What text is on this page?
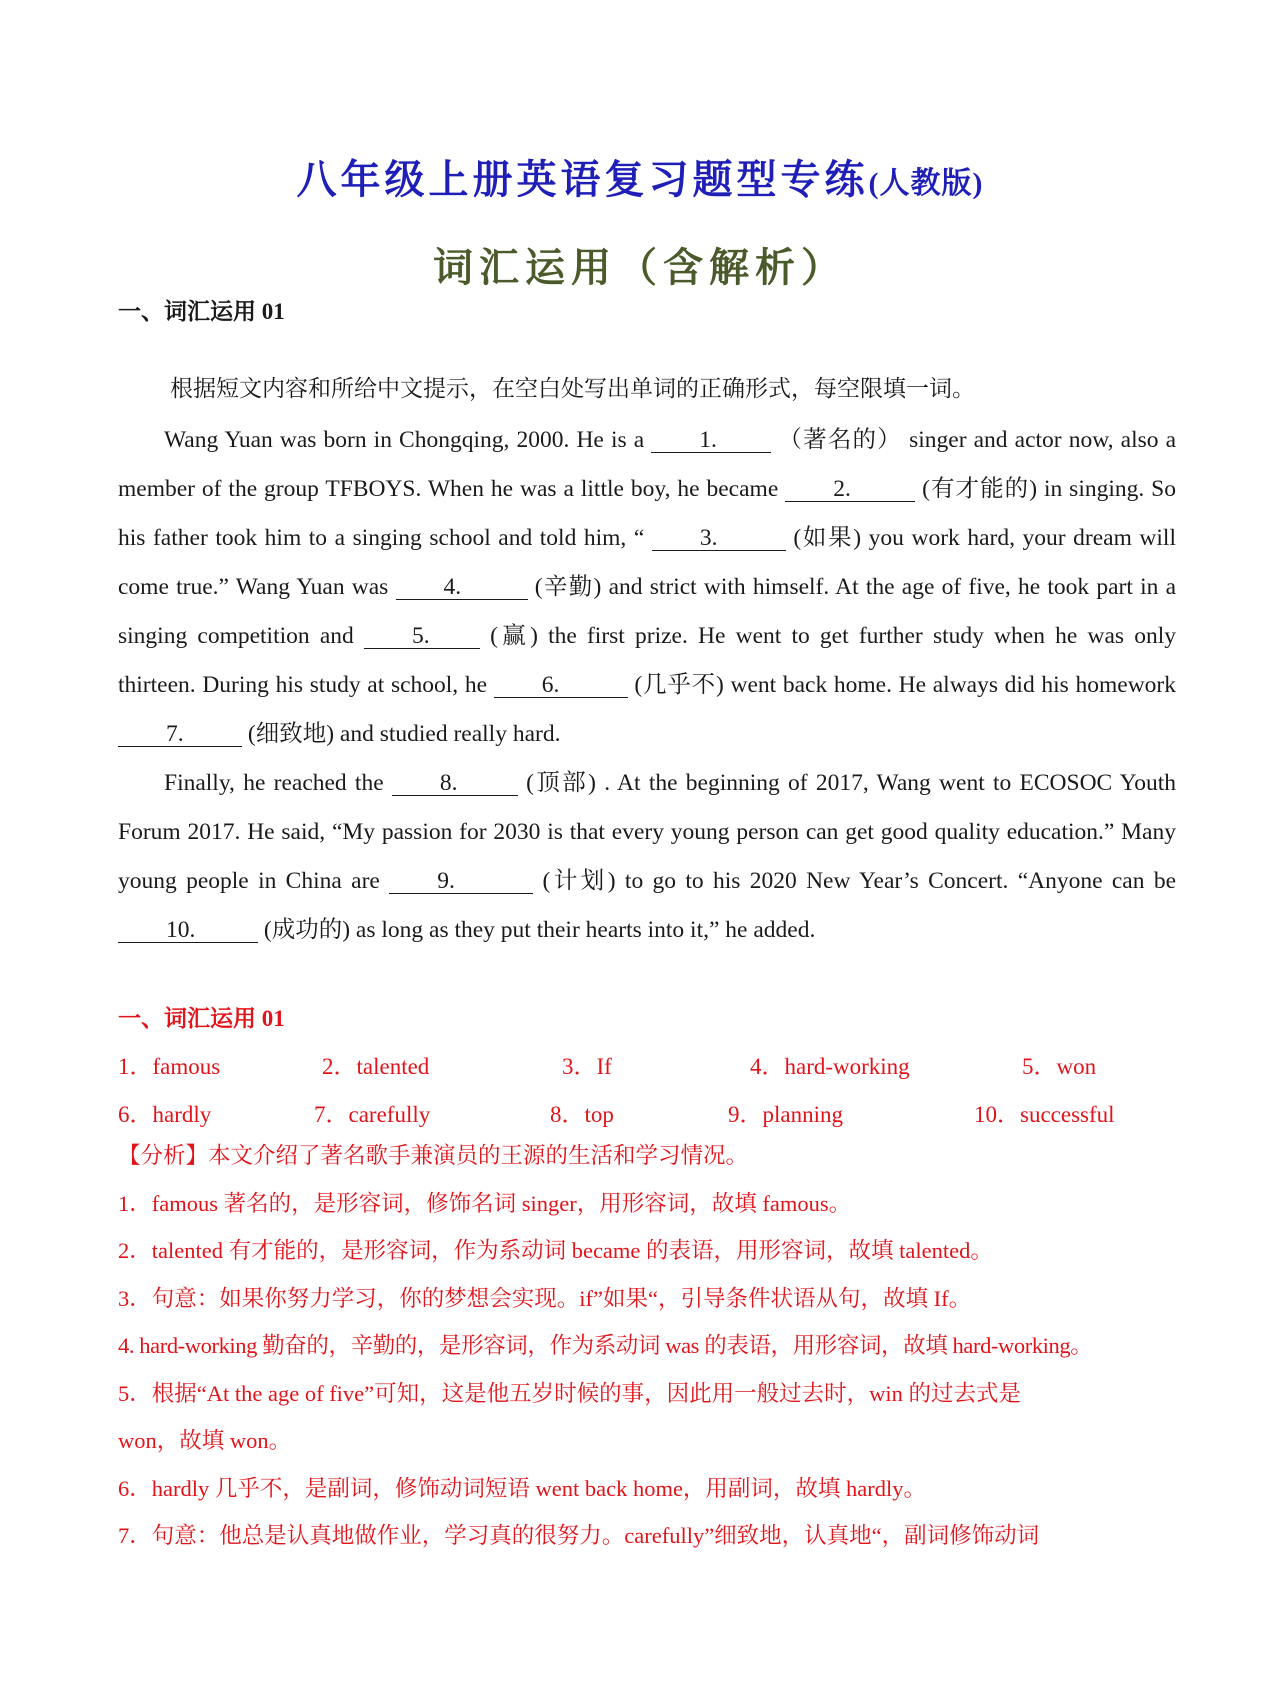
八年级上册英语复习题型专练(人教版)
词汇运用（含解析）
一、词汇运用 01
根据短文内容和所给中文提示，在空白处写出单词的正确形式，每空限填一词。

Wang Yuan was born in Chongqing, 2000. He is a 1.	（著名的） singer and actor now, also a member of the group TFBOYS. When he was a little boy, he became 2.	(有才能的) in singing. So his father took him to a singing school and told him, “ 3.	(如果) you work hard, your dream will come true.” Wang Yuan was 4.	(辛勤) and strict with himself. At the age of five, he took part in a singing competition and 5.	(赢) the first prize. He went to get further study when he was only thirteen. During his study at school, he 6.	(几乎不) went back home. He always did his homework 7.	(细致地) and studied really hard.

Finally, he reached the 8.	(顶部) . At the beginning of 2017, Wang went to ECOSOC Youth Forum 2017. He said, “My passion for 2030 is that every young person can get good quality education.” Many young people in China are 9.	(计划) to go to his 2020 New Year’s Concert. “Anyone can be 10.	(成功的) as long as they put their hearts into it,” he added.

一、词汇运用 01
1．famous	2．talented	3．If	4．hard-working	5．won
6．hardly	7．carefully	8．top	9．planning	10．successful

【分析】本文介绍了著名歌手兼演员的王源的生活和学习情况。

1．famous 著名的，是形容词，修饰名词 singer，用形容词，故填 famous。

2．talented 有才能的，是形容词，作为系动词 became 的表语，用形容词，故填 talented。

3．句意：如果你努力学习，你的梦想会实现。if”如果“，引导条件状语从句，故填 If。

4. hard-working 勤奋的，辛勤的，是形容词，作为系动词 was 的表语，用形容词，故填 hard-working。

5．根据“At the age of five”可知，这是他五岁时候的事，因此用一般过去时，win 的过去式是

won，故填 won。

6．hardly 几乎不，是副词，修饰动词短语 went back home，用副词，故填 hardly。

7．句意：他总是认真地做作业，学习真的很努力。carefully”细致地，认真地“，副词修饰动词
